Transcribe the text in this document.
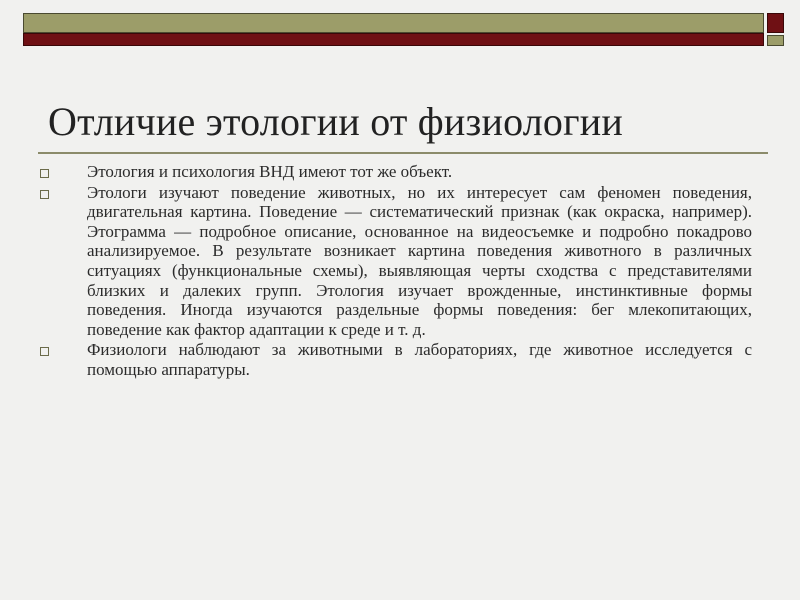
Отличие этологии от физиологии
Этология и психология ВНД имеют тот же объект.
Этологи изучают поведение животных, но их интересует сам феномен поведения, двигательная картина. Поведение — систематический признак (как окраска, например). Этограмма — подробное описание, основанное на видеосъемке и подробно покадрово анализируемое. В результате возникает картина поведения животного в различных ситуациях (функциональные схемы), выявляющая черты сходства с представителями близких и далеких групп. Этология изучает врожденные, инстинктивные формы поведения. Иногда изучаются раздельные формы поведения: бег млекопитающих, поведение как фактор адаптации к среде и т. д.
Физиологи наблюдают за животными в лабораториях, где животное исследуется с помощью аппаратуры.
